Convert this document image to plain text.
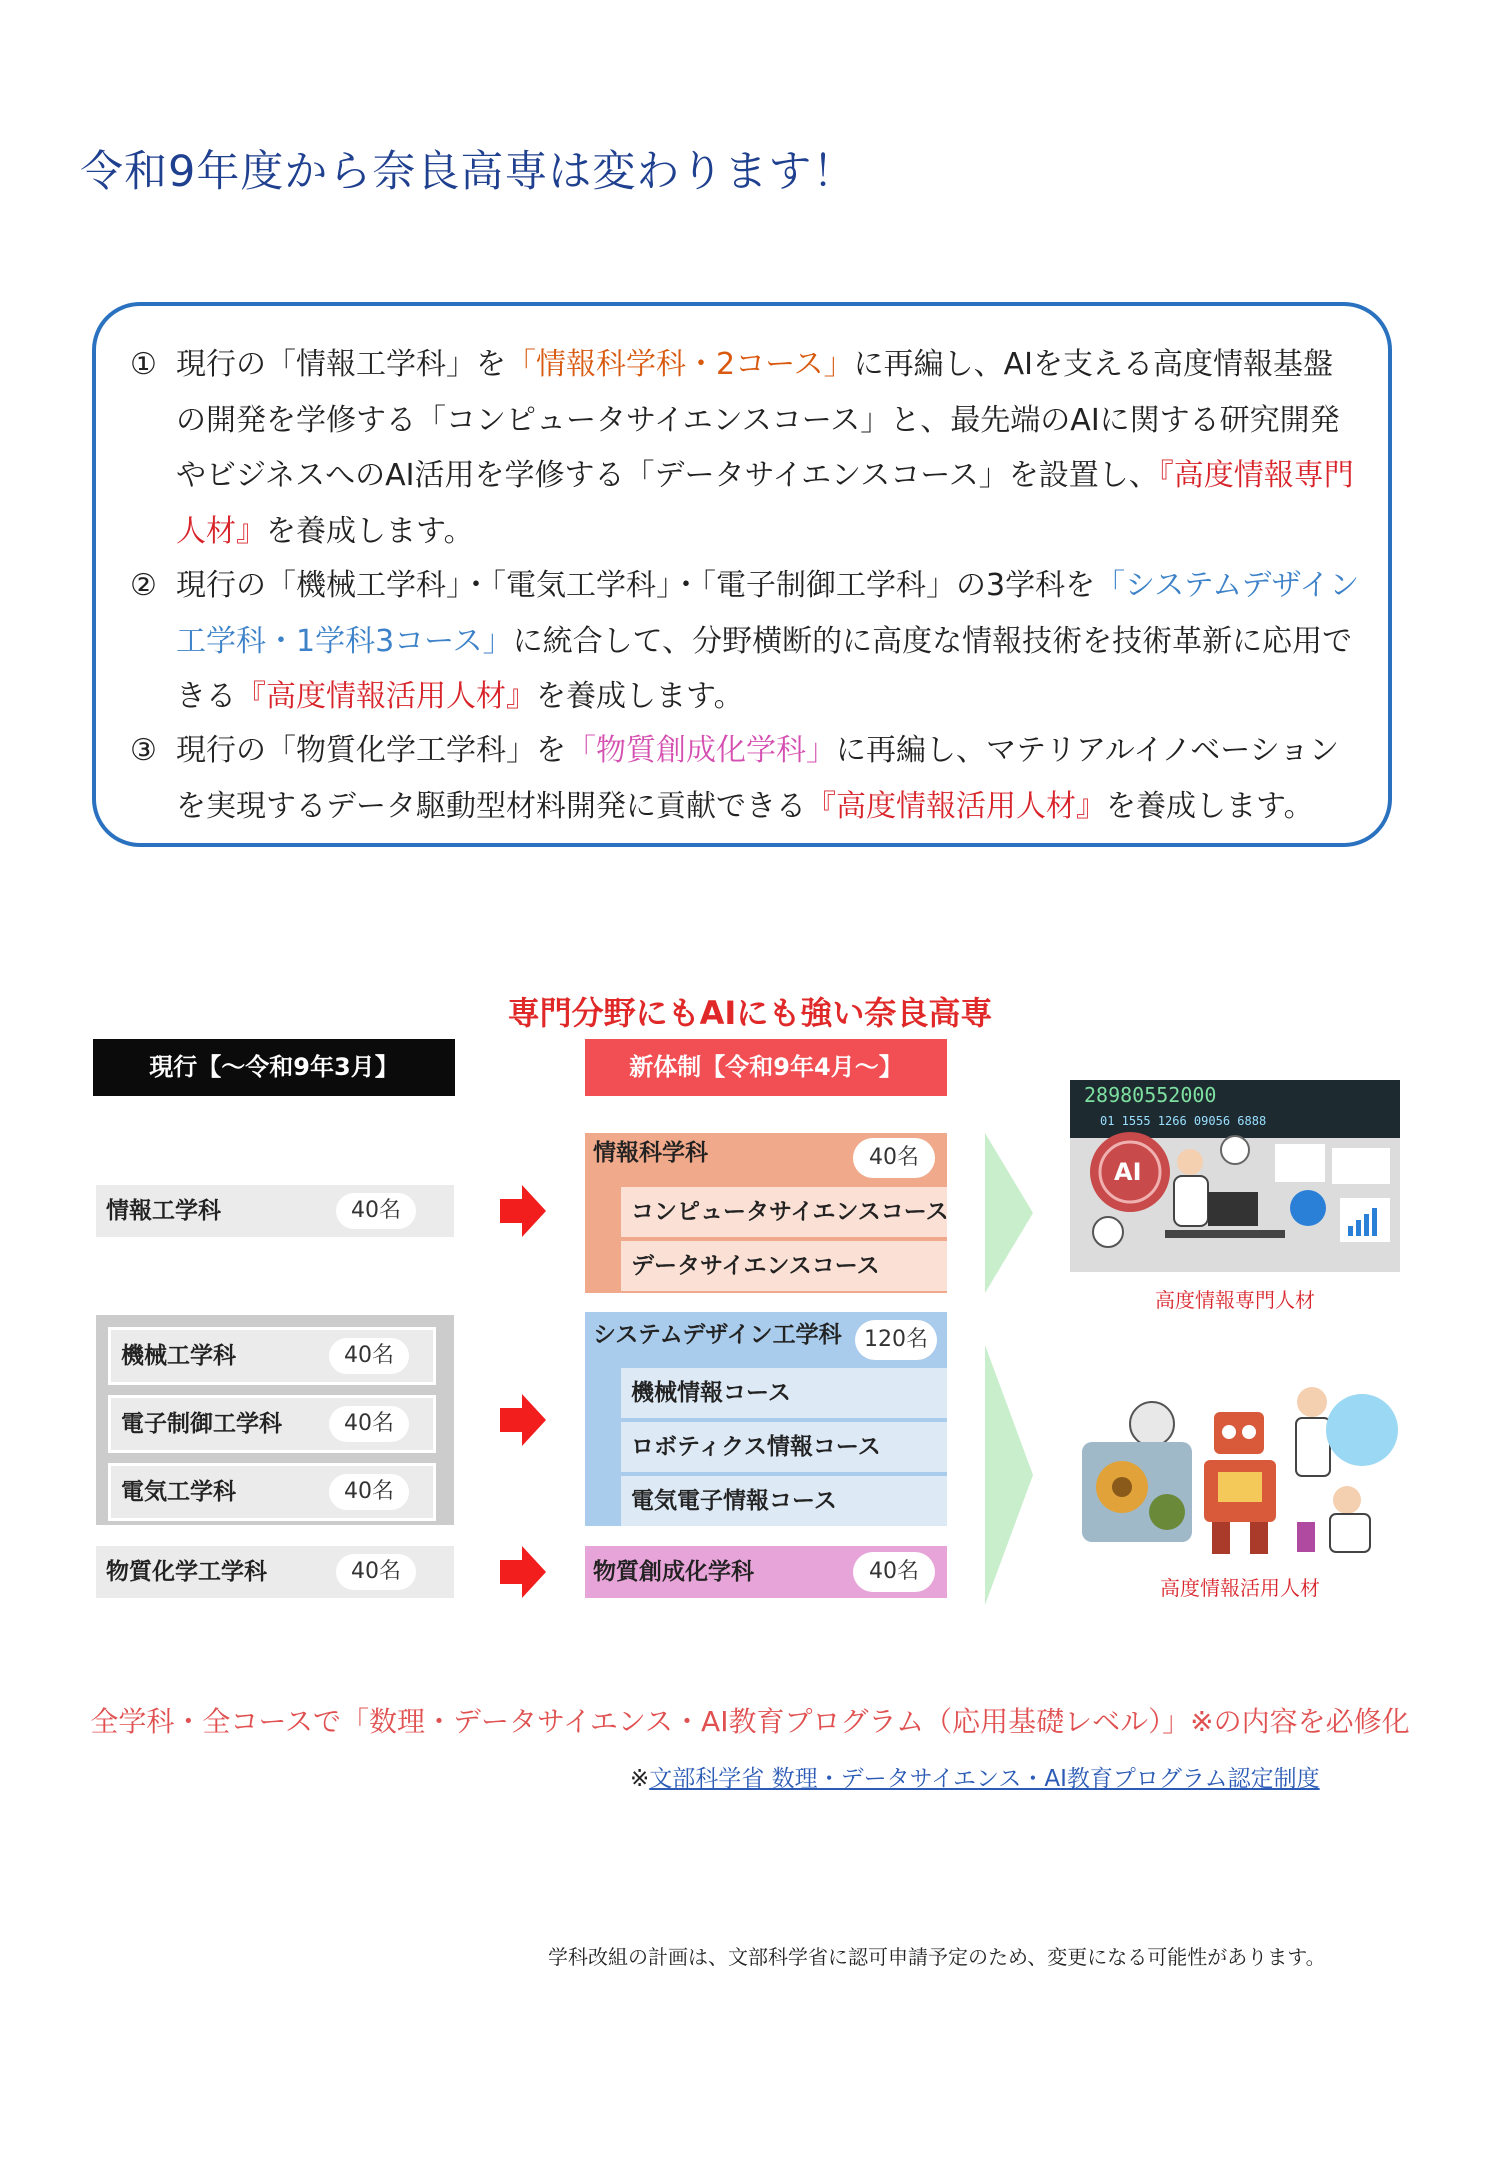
令和9年度から奈良高専は変わります！
① 現行の「情報工学科」を「情報科学科・2コース」に再編し、AIを支える高度情報基盤の開発を学修する「コンピュータサイエンスコース」と、最先端のAIに関する研究開発やビジネスへのAI活用を学修する「データサイエンスコース」を設置し、『高度情報専門人材』を養成します。
② 現行の「機械工学科」・「電気工学科」・「電子制御工学科」の3学科を「システムデザイン工学科・1学科3コース」に統合して、分野横断的に高度な情報技術を技術革新に応用できる『高度情報活用人材』を養成します。
③ 現行の「物質化学工学科」を「物質創成化学科」に再編し、マテリアルイノベーションを実現するデータ駆動型材料開発に貢献できる『高度情報活用人材』を養成します。
専門分野にもAIにも強い奈良高専
現行【～令和9年3月】	新体制【令和9年4月～】
情報工学科	40名
機械工学科	40名
電子制御工学科	40名
電気工学科	40名
物質化学工学科	40名
情報科学科	40名
コンピュータサイエンスコース
データサイエンスコース
システムデザイン工学科	120名
機械情報コース
ロボティクス情報コース
電気電子情報コース
物質創成化学科	40名
28980552000
01 1555 1266 09056 6888
AI
高度情報専門人材
高度情報活用人材
全学科・全コースで「数理・データサイエンス・AI教育プログラム（応用基礎レベル）」※の内容を必修化
※文部科学省 数理・データサイエンス・AI教育プログラム認定制度
学科改組の計画は、文部科学省に認可申請予定のため、変更になる可能性があります。
